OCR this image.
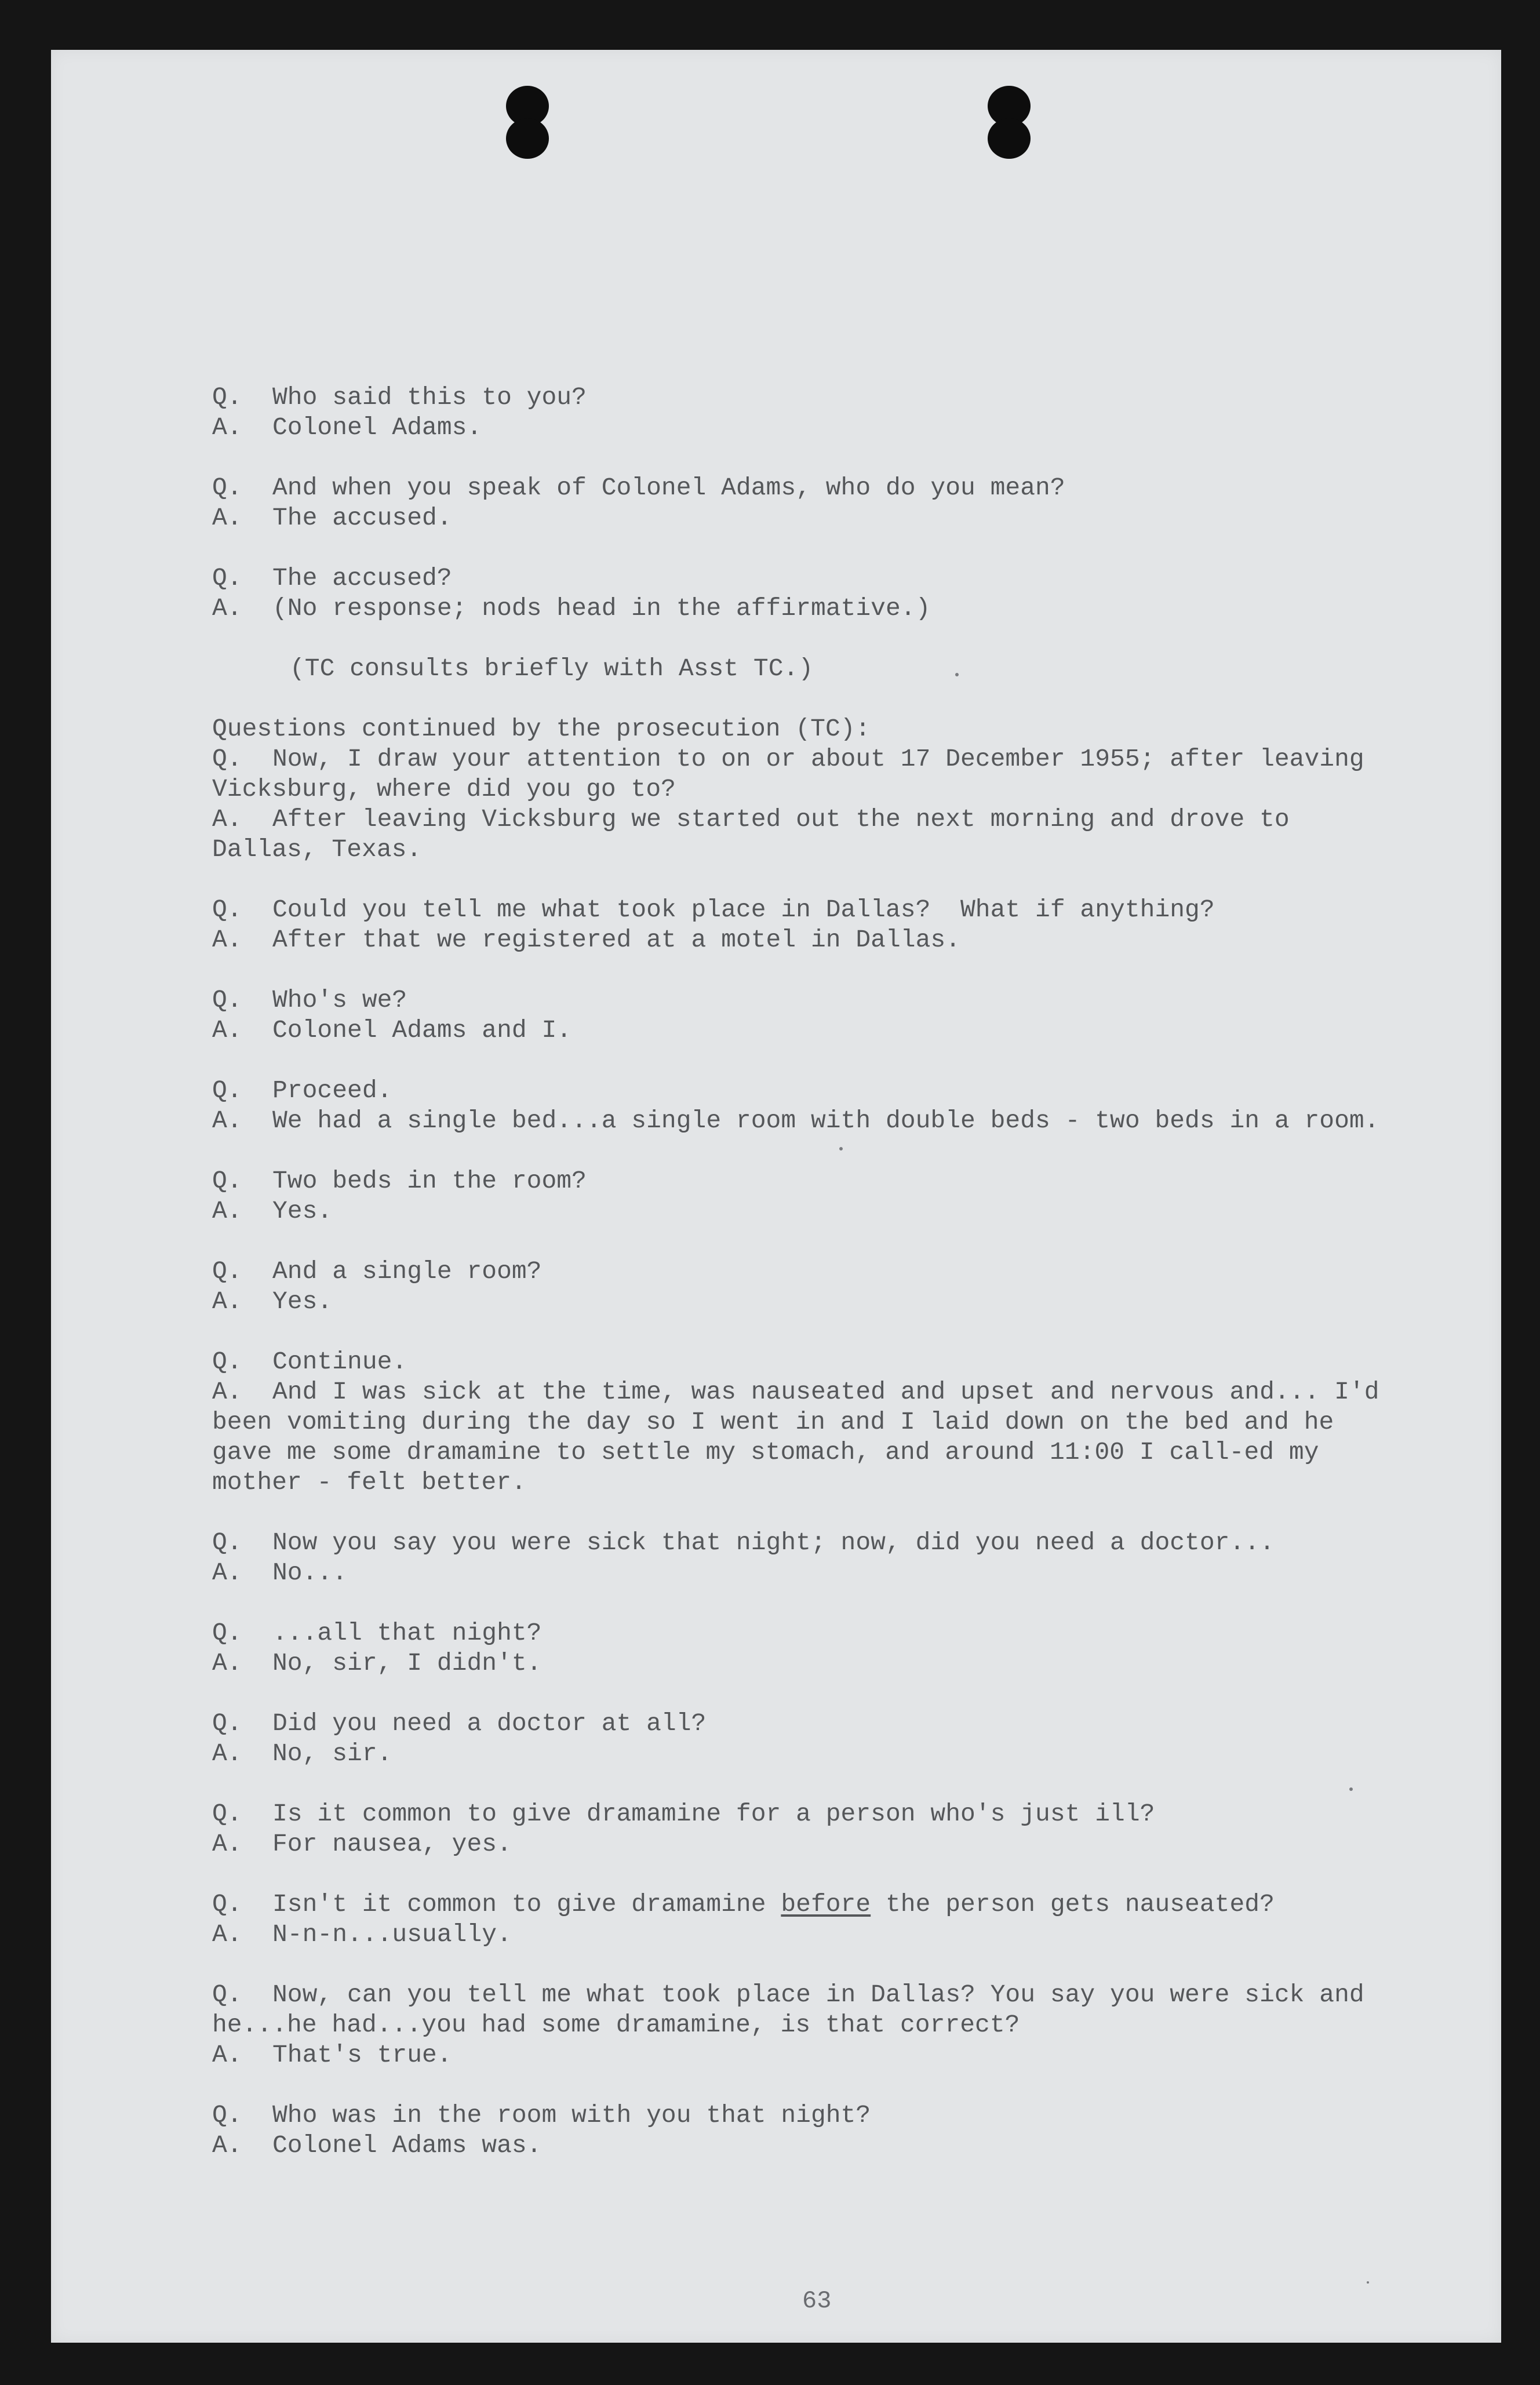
63
Q.	Who said this to you?
A.	Colonel Adams.
Q.	And when you speak of Colonel Adams, who do you mean?
A.	The accused.
Q.	The accused?
A.	(No response; nods head in the affirmative.)
(TC consults briefly with Asst TC.)
Questions continued by the prosecution (TC):
Q. Now, I draw your attention to on or about 17 December 1955; after leaving Vicksburg, where did you go to?
A. After leaving Vicksburg we started out the next morning and drove to Dallas, Texas.
Q.	Could you tell me what took place in Dallas?  What if anything?
A.	After that we registered at a motel in Dallas.
Q.	Who's we?
A.	Colonel Adams and I.
Q.	Proceed.
A.	We had a single bed...a single room with double beds - two beds in a room.
Q.	Two beds in the room?
A.	Yes.
Q.	And a single room?
A.	Yes.
Q.	Continue.
A. And I was sick at the time, was nauseated and upset and nervous and... I'd been vomiting during the day so I went in and I laid down on the bed and he gave me some dramamine to settle my stomach, and around 11:00 I call-ed my mother - felt better.
Q.	Now you say you were sick that night; now, did you need a doctor...
A.	No...
Q.	...all that night?
A.	No, sir, I didn't.
Q.	Did you need a doctor at all?
A.	No, sir.
Q.	Is it common to give dramamine for a person who's just ill?
A.	For nausea, yes.
Q.	Isn't it common to give dramamine before the person gets nauseated?
A.	N-n-n...usually.
Q. Now, can you tell me what took place in Dallas? You say you were sick and he...he had...you had some dramamine, is that correct?
A.	That's true.
Q.	Who was in the room with you that night?
A.	Colonel Adams was.
